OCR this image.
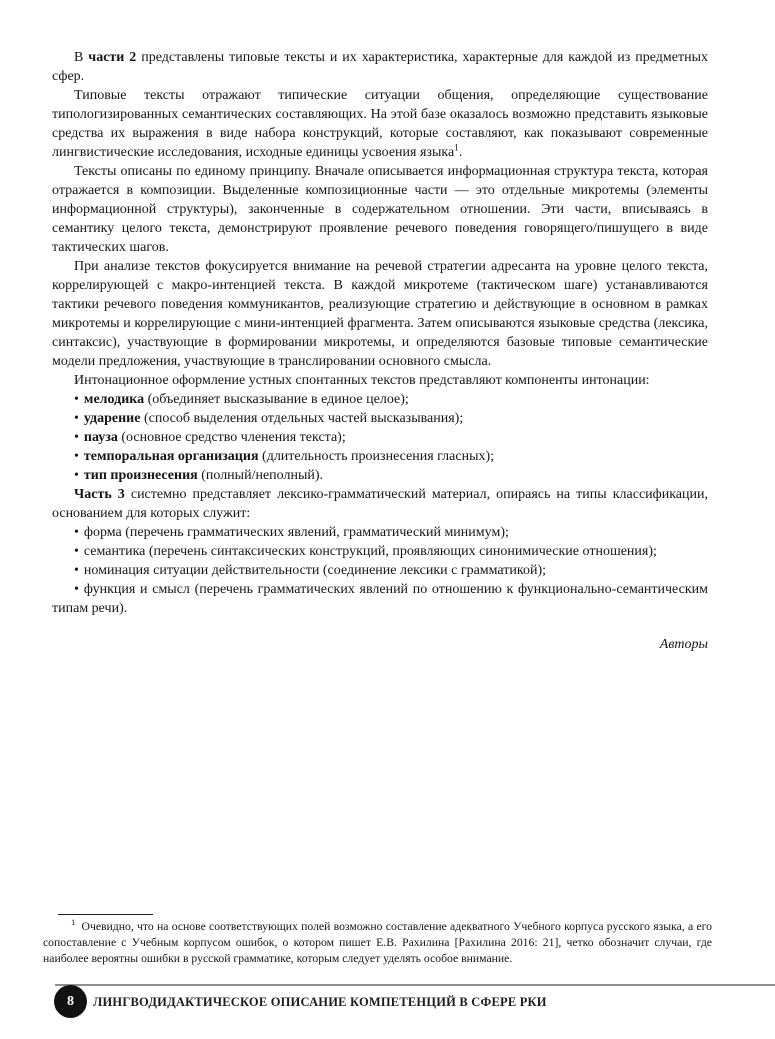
В части 2 представлены типовые тексты и их характеристика, характерные для каждой из предметных сфер.

Типовые тексты отражают типические ситуации общения, определяющие существование типологизированных семантических составляющих. На этой базе оказалось возможно представить языковые средства их выражения в виде набора конструкций, которые составляют, как показывают современные лингвистические исследования, исходные единицы усвоения языка$^1$.

Тексты описаны по единому принципу. Вначале описывается информационная структура текста, которая отражается в композиции. Выделенные композиционные части — это отдельные микротемы (элементы информационной структуры), законченные в содержательном отношении. Эти части, вписываясь в семантику целого текста, демонстрируют проявление речевого поведения говорящего/пишущего в виде тактических шагов.

При анализе текстов фокусируется внимание на речевой стратегии адресанта на уровне целого текста, коррелирующей с макро-интенцией текста. В каждой микротеме (тактическом шаге) устанавливаются тактики речевого поведения коммуникантов, реализующие стратегию и действующие в основном в рамках микротемы и коррелирующие с мини-интенцией фрагмента. Затем описываются языковые средства (лексика, синтаксис), участвующие в формировании микротемы, и определяются базовые типовые семантические модели предложения, участвующие в транслировании основного смысла.

Интонационное оформление устных спонтанных текстов представляют компоненты интонации:

• мелодика (объединяет высказывание в единое целое);

• ударение (способ выделения отдельных частей высказывания);

• пауза (основное средство членения текста);

• темпоральная организация (длительность произнесения гласных);

• тип произнесения (полный/неполный).

Часть 3 системно представляет лексико-грамматический материал, опираясь на типы классификации, основанием для которых служит:

• форма (перечень грамматических явлений, грамматический минимум);

• семантика (перечень синтаксических конструкций, проявляющих синонимические отношения);

• номинация ситуации действительности (соединение лексики с грамматикой);

• функция и смысл (перечень грамматических явлений по отношению к функционально-семантическим типам речи).

Авторы

$^1$ Очевидно, что на основе соответствующих полей возможно составление адекватного Учебного корпуса русского языка, а его сопоставление с Учебным корпусом ошибок, о котором пишет Е.В. Рахилина [Рахилина 2016: 21], четко обозначит случаи, где наиболее вероятны ошибки в русской грамматике, которым следует уделять особое внимание.

8 ЛИНГВОДИДАКТИЧЕСКОЕ ОПИСАНИЕ КОМПЕТЕНЦИЙ В СФЕРЕ РКИ
